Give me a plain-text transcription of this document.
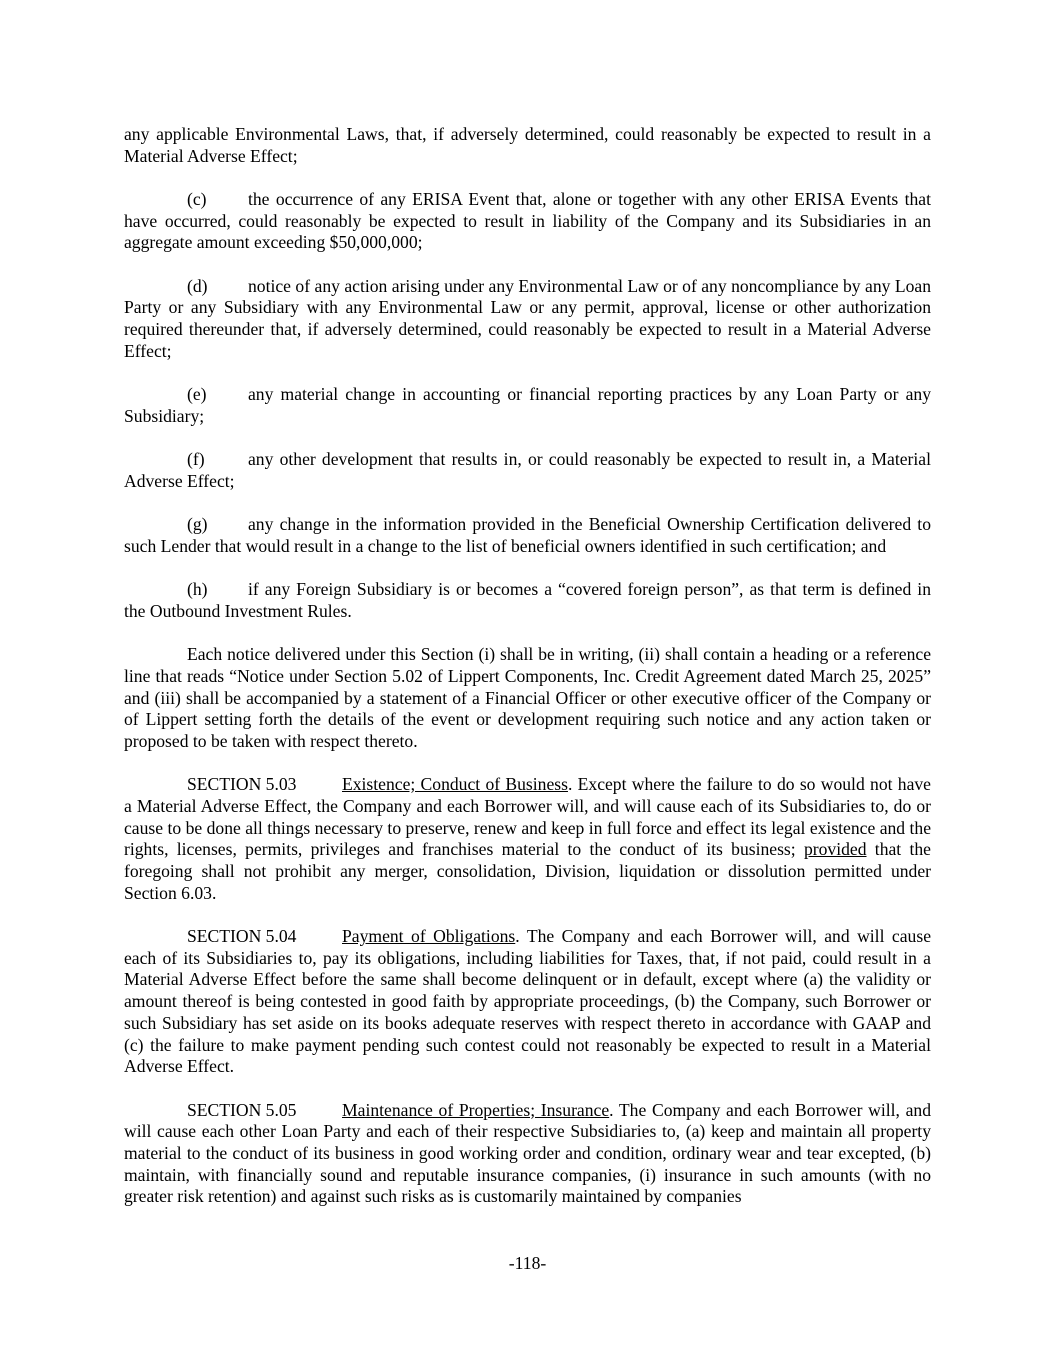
any applicable Environmental Laws, that, if adversely determined, could reasonably be expected to result in a Material Adverse Effect;

(c) the occurrence of any ERISA Event that, alone or together with any other ERISA Events that have occurred, could reasonably be expected to result in liability of the Company and its Subsidiaries in an aggregate amount exceeding $50,000,000;

(d) notice of any action arising under any Environmental Law or of any noncompliance by any Loan Party or any Subsidiary with any Environmental Law or any permit, approval, license or other authorization required thereunder that, if adversely determined, could reasonably be expected to result in a Material Adverse Effect;

(e) any material change in accounting or financial reporting practices by any Loan Party or any Subsidiary;

(f) any other development that results in, or could reasonably be expected to result in, a Material Adverse Effect;

(g) any change in the information provided in the Beneficial Ownership Certification delivered to such Lender that would result in a change to the list of beneficial owners identified in such certification; and

(h) if any Foreign Subsidiary is or becomes a “covered foreign person”, as that term is defined in the Outbound Investment Rules.

Each notice delivered under this Section (i) shall be in writing, (ii) shall contain a heading or a reference line that reads “Notice under Section 5.02 of Lippert Components, Inc. Credit Agreement dated March 25, 2025” and (iii) shall be accompanied by a statement of a Financial Officer or other executive officer of the Company or of Lippert setting forth the details of the event or development requiring such notice and any action taken or proposed to be taken with respect thereto.

SECTION 5.03	Existence; Conduct of Business. Except where the failure to do so would not have a Material Adverse Effect, the Company and each Borrower will, and will cause each of its Subsidiaries to, do or cause to be done all things necessary to preserve, renew and keep in full force and effect its legal existence and the rights, licenses, permits, privileges and franchises material to the conduct of its business; provided that the foregoing shall not prohibit any merger, consolidation, Division, liquidation or dissolution permitted under Section 6.03.

SECTION 5.04	Payment of Obligations. The Company and each Borrower will, and will cause each of its Subsidiaries to, pay its obligations, including liabilities for Taxes, that, if not paid, could result in a Material Adverse Effect before the same shall become delinquent or in default, except where (a) the validity or amount thereof is being contested in good faith by appropriate proceedings, (b) the Company, such Borrower or such Subsidiary has set aside on its books adequate reserves with respect thereto in accordance with GAAP and (c) the failure to make payment pending such contest could not reasonably be expected to result in a Material Adverse Effect.

SECTION 5.05	Maintenance of Properties; Insurance. The Company and each Borrower will, and will cause each other Loan Party and each of their respective Subsidiaries to, (a) keep and maintain all property material to the conduct of its business in good working order and condition, ordinary wear and tear excepted, (b) maintain, with financially sound and reputable insurance companies, (i) insurance in such amounts (with no greater risk retention) and against such risks as is customarily maintained by companies

-118-
